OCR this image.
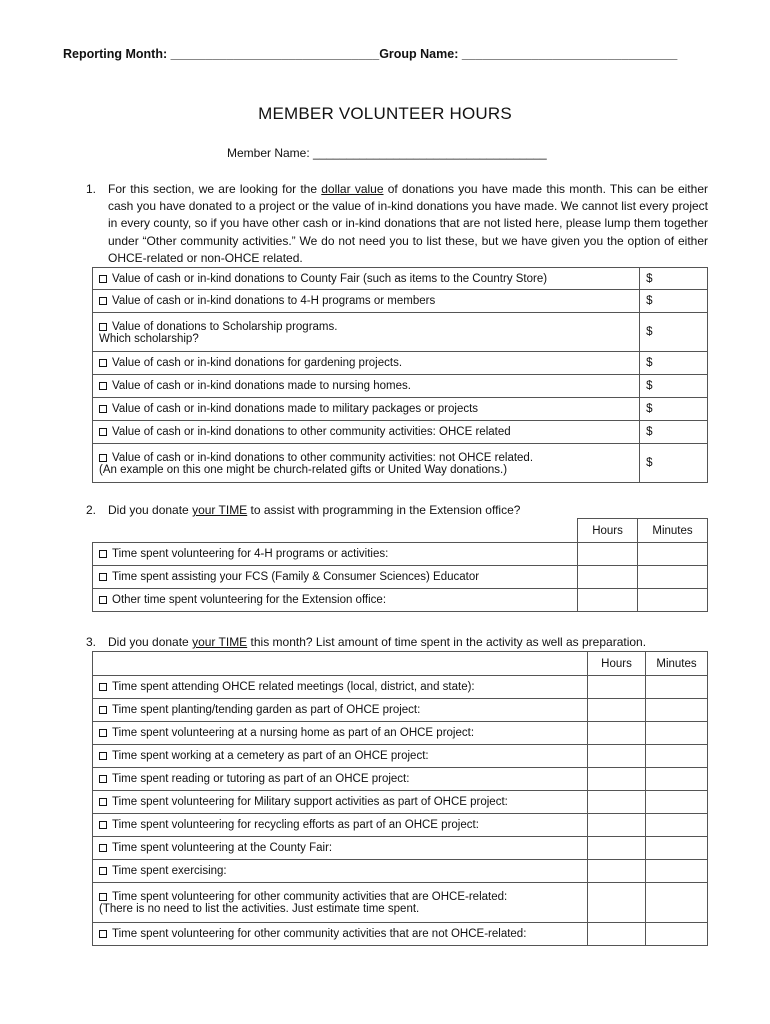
Reporting Month: ______________________________Group Name: _______________________________
MEMBER VOLUNTEER HOURS
Member Name: ___________________________________
1. For this section, we are looking for the dollar value of donations you have made this month. This can be either cash you have donated to a project or the value of in-kind donations you have made. We cannot list every project in every county, so if you have other cash or in-kind donations that are not listed here, please lump them together under “Other community activities.” We do not need you to list these, but we have given you the option of either OHCE-related or non-OHCE related.
Value of cash or in-kind donations to County Fair (such as items to the Country Store)	$
Value of cash or in-kind donations to 4-H programs or members	$
Value of donations to Scholarship programs.
Which scholarship?	$
Value of cash or in-kind donations for gardening projects.	$
Value of cash or in-kind donations made to nursing homes.	$
Value of cash or in-kind donations made to military packages or projects	$
Value of cash or in-kind donations to other community activities: OHCE related	$
Value of cash or in-kind donations to other community activities: not OHCE related.
(An example on this one might be church-related gifts or United Way donations.)	$
2. Did you donate your TIME to assist with programming in the Extension office?
	Hours	Minutes
Time spent volunteering for 4-H programs or activities:		
Time spent assisting your FCS (Family & Consumer Sciences) Educator		
Other time spent volunteering for the Extension office:		
3. Did you donate your TIME this month? List amount of time spent in the activity as well as preparation.
	Hours	Minutes
Time spent attending OHCE related meetings (local, district, and state):		
Time spent planting/tending garden as part of OHCE project:		
Time spent volunteering at a nursing home as part of an OHCE project:		
Time spent working at a cemetery as part of an OHCE project:		
Time spent reading or tutoring as part of an OHCE project:		
Time spent volunteering for Military support activities as part of OHCE project:		
Time spent volunteering for recycling efforts as part of an OHCE project:		
Time spent volunteering at the County Fair:		
Time spent exercising:		
Time spent volunteering for other community activities that are OHCE-related:
(There is no need to list the activities. Just estimate time spent.		
Time spent volunteering for other community activities that are not OHCE-related:		
